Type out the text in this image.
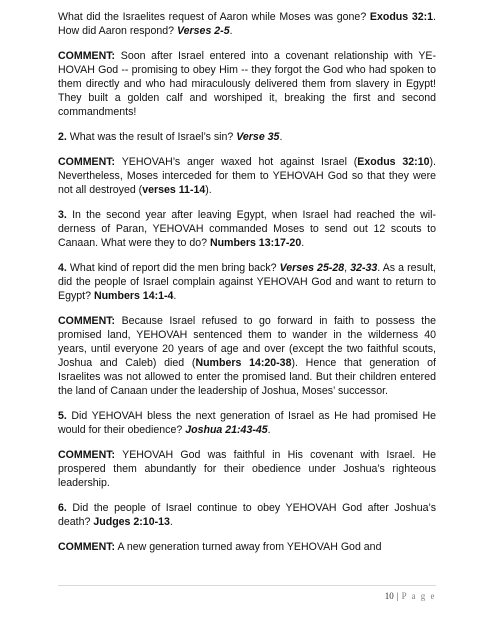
What did the Israelites request of Aaron while Moses was gone? Exodus 32:1. How did Aaron respond? Verses 2-5.

COMMENT: Soon after Israel entered into a covenant relationship with YEHOVAH God -- promising to obey Him -- they forgot the God who had spoken to them directly and who had miraculously delivered them from slavery in Egypt! They built a golden calf and worshiped it, breaking the first and second commandments!

2. What was the result of Israel’s sin? Verse 35.

COMMENT: YEHOVAH’s anger waxed hot against Israel (Exodus 32:10). Nevertheless, Moses interceded for them to YEHOVAH God so that they were not all destroyed (verses 11-14).

3. In the second year after leaving Egypt, when Israel had reached the wilderness of Paran, YEHOVAH commanded Moses to send out 12 scouts to Canaan. What were they to do? Numbers 13:17-20.

4. What kind of report did the men bring back? Verses 25-28, 32-33. As a result, did the people of Israel complain against YEHOVAH God and want to return to Egypt? Numbers 14:1-4.

COMMENT: Because Israel refused to go forward in faith to possess the promised land, YEHOVAH sentenced them to wander in the wilderness 40 years, until everyone 20 years of age and over (except the two faithful scouts, Joshua and Caleb) died (Numbers 14:20-38). Hence that generation of Israelites was not allowed to enter the promised land. But their children entered the land of Canaan under the leadership of Joshua, Moses’ successor.

5. Did YEHOVAH bless the next generation of Israel as He had promised He would for their obedience? Joshua 21:43-45.

COMMENT: YEHOVAH God was faithful in His covenant with Israel. He prospered them abundantly for their obedience under Joshua’s righteous leadership.

6. Did the people of Israel continue to obey YEHOVAH God after Joshua’s death? Judges 2:10-13.

COMMENT: A new generation turned away from YEHOVAH God and

10 | P a g e
